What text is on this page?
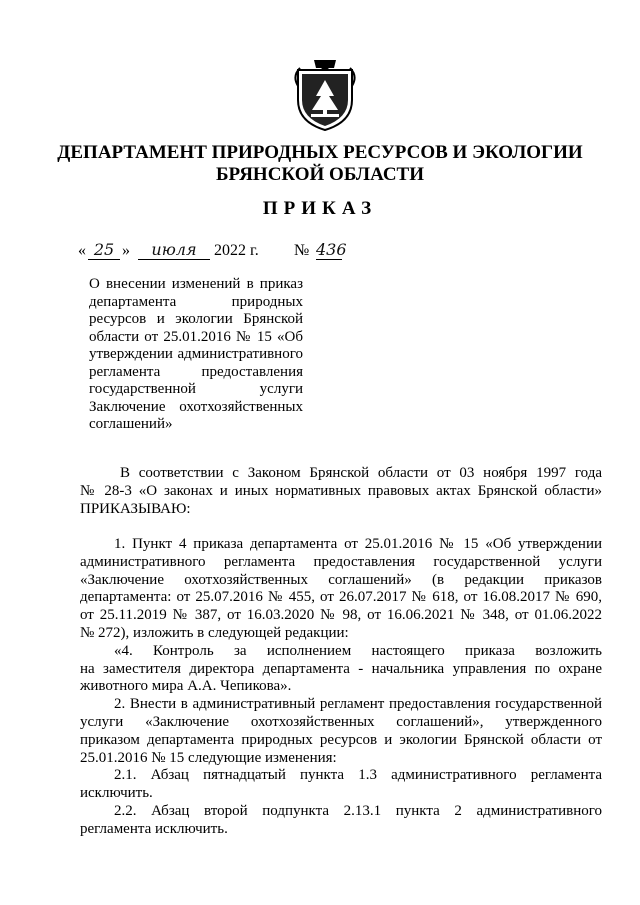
ДЕПАРТАМЕНТ ПРИРОДНЫХ РЕСУРСОВ И ЭКОЛОГИИ
БРЯНСКОЙ ОБЛАСТИ
ПРИКАЗ
« 25 »	июля	2022 г. № 436
О внесении изменений в приказ
департамента природных
ресурсов и экологии Брянской
области от 25.01.2016 № 15 «Об
утверждении административного
регламента предоставления
государственной услуги
Заключение охотхозяйственных
соглашений»
В соответствии с Законом Брянской области от 03 ноября 1997 года
№ 28-3 «О законах и иных нормативных правовых актах Брянской области»
ПРИКАЗЫВАЮ:
1. Пункт 4 приказа департамента от 25.01.2016 № 15 «Об утверждении
административного регламента предоставления государственной услуги
«Заключение охотхозяйственных соглашений» (в редакции приказов
департамента: от 25.07.2016 № 455, от 26.07.2017 № 618, от 16.08.2017 № 690,
от 25.11.2019 № 387, от 16.03.2020 № 98, от 16.06.2021 № 348, от 01.06.2022
№ 272), изложить в следующей редакции:
«4. Контроль за исполнением настоящего приказа возложить
на заместителя директора департамента - начальника управления по охране
животного мира А.А. Чепикова».
2. Внести в административный регламент предоставления государственной
услуги «Заключение охотхозяйственных соглашений», утвержденного
приказом департамента природных ресурсов и экологии Брянской области от
25.01.2016 № 15 следующие изменения:
2.1. Абзац пятнадцатый пункта 1.3 административного регламента
исключить.
2.2. Абзац второй подпункта 2.13.1 пункта 2 административного
регламента исключить.
